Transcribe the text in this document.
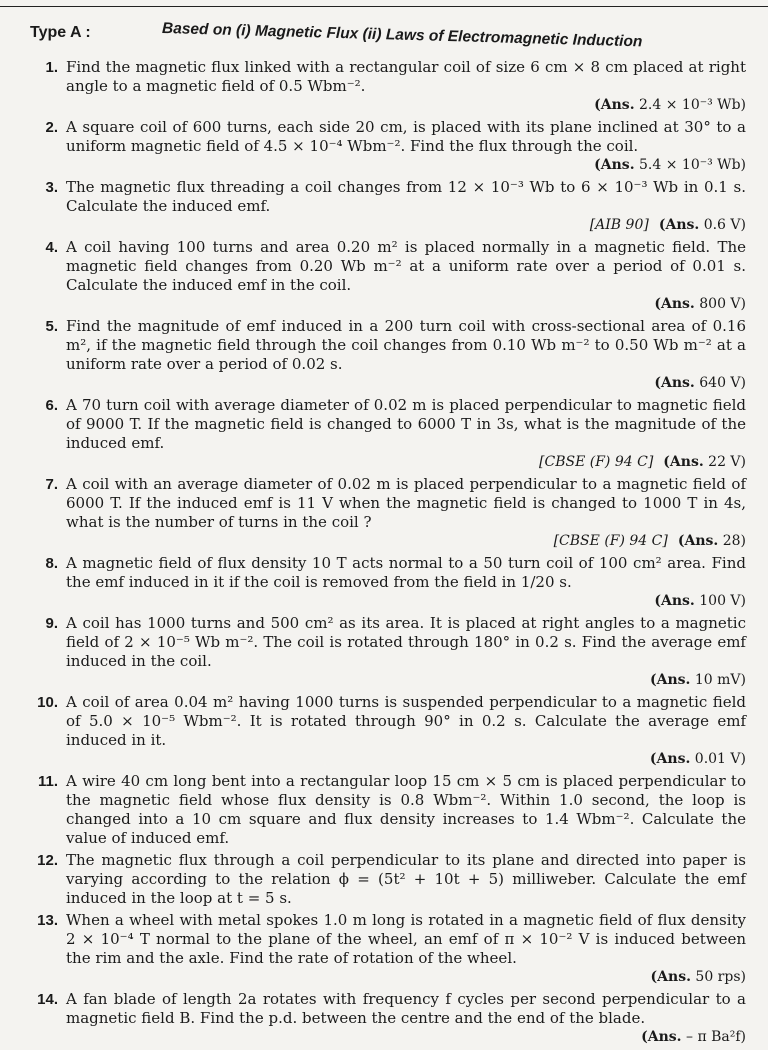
Type A :	Based on (i) Magnetic Flux (ii) Laws of Electromagnetic Induction
1. Find the magnetic flux linked with a rectangular coil of size 6 cm × 8 cm placed at right angle to a magnetic field of 0.5 Wbm⁻².
(Ans. 2.4 × 10⁻³ Wb)
2. A square coil of 600 turns, each side 20 cm, is placed with its plane inclined at 30° to a uniform magnetic field of 4.5 × 10⁻⁴ Wbm⁻². Find the flux through the coil.
(Ans. 5.4 × 10⁻³ Wb)
3. The magnetic flux threading a coil changes from 12 × 10⁻³ Wb to 6 × 10⁻³ Wb in 0.1 s. Calculate the induced emf.
[AIB 90] (Ans. 0.6 V)
4. A coil having 100 turns and area 0.20 m² is placed normally in a magnetic field. The magnetic field changes from 0.20 Wb m⁻² at a uniform rate over a period of 0.01 s. Calculate the induced emf in the coil.
(Ans. 800 V)
5. Find the magnitude of emf induced in a 200 turn coil with cross-sectional area of 0.16 m², if the magnetic field through the coil changes from 0.10 Wb m⁻² to 0.50 Wb m⁻² at a uniform rate over a period of 0.02 s.
(Ans. 640 V)
6. A 70 turn coil with average diameter of 0.02 m is placed perpendicular to magnetic field of 9000 T. If the magnetic field is changed to 6000 T in 3s, what is the magnitude of the induced emf.
[CBSE (F) 94 C] (Ans. 22 V)
7. A coil with an average diameter of 0.02 m is placed perpendicular to a magnetic field of 6000 T. If the induced emf is 11 V when the magnetic field is changed to 1000 T in 4s, what is the number of turns in the coil ?
[CBSE (F) 94 C] (Ans. 28)
8. A magnetic field of flux density 10 T acts normal to a 50 turn coil of 100 cm² area. Find the emf induced in it if the coil is removed from the field in 1/20 s.
(Ans. 100 V)
9. A coil has 1000 turns and 500 cm² as its area. It is placed at right angles to a magnetic field of 2 × 10⁻⁵ Wb m⁻². The coil is rotated through 180° in 0.2 s. Find the average emf induced in the coil.
(Ans. 10 mV)
10. A coil of area 0.04 m² having 1000 turns is suspended perpendicular to a magnetic field of 5.0 × 10⁻⁵ Wbm⁻². It is rotated through 90° in 0.2 s. Calculate the average emf induced in it.
(Ans. 0.01 V)
11. A wire 40 cm long bent into a rectangular loop 15 cm × 5 cm is placed perpendicular to the magnetic field whose flux density is 0.8 Wbm⁻². Within 1.0 second, the loop is changed into a 10 cm square and flux density increases to 1.4 Wbm⁻². Calculate the value of induced emf.
12. The magnetic flux through a coil perpendicular to its plane and directed into paper is varying according to the relation ϕ = (5t² + 10t + 5) milliweber. Calculate the emf induced in the loop at t = 5 s.
13. When a wheel with metal spokes 1.0 m long is rotated in a magnetic field of flux density 2 × 10⁻⁴ T normal to the plane of the wheel, an emf of π × 10⁻² V is induced between the rim and the axle. Find the rate of rotation of the wheel.
(Ans. 50 rps)
14. A fan blade of length 2a rotates with frequency f cycles per second perpendicular to a magnetic field B. Find the p.d. between the centre and the end of the blade.
(Ans. – π Ba²f)
